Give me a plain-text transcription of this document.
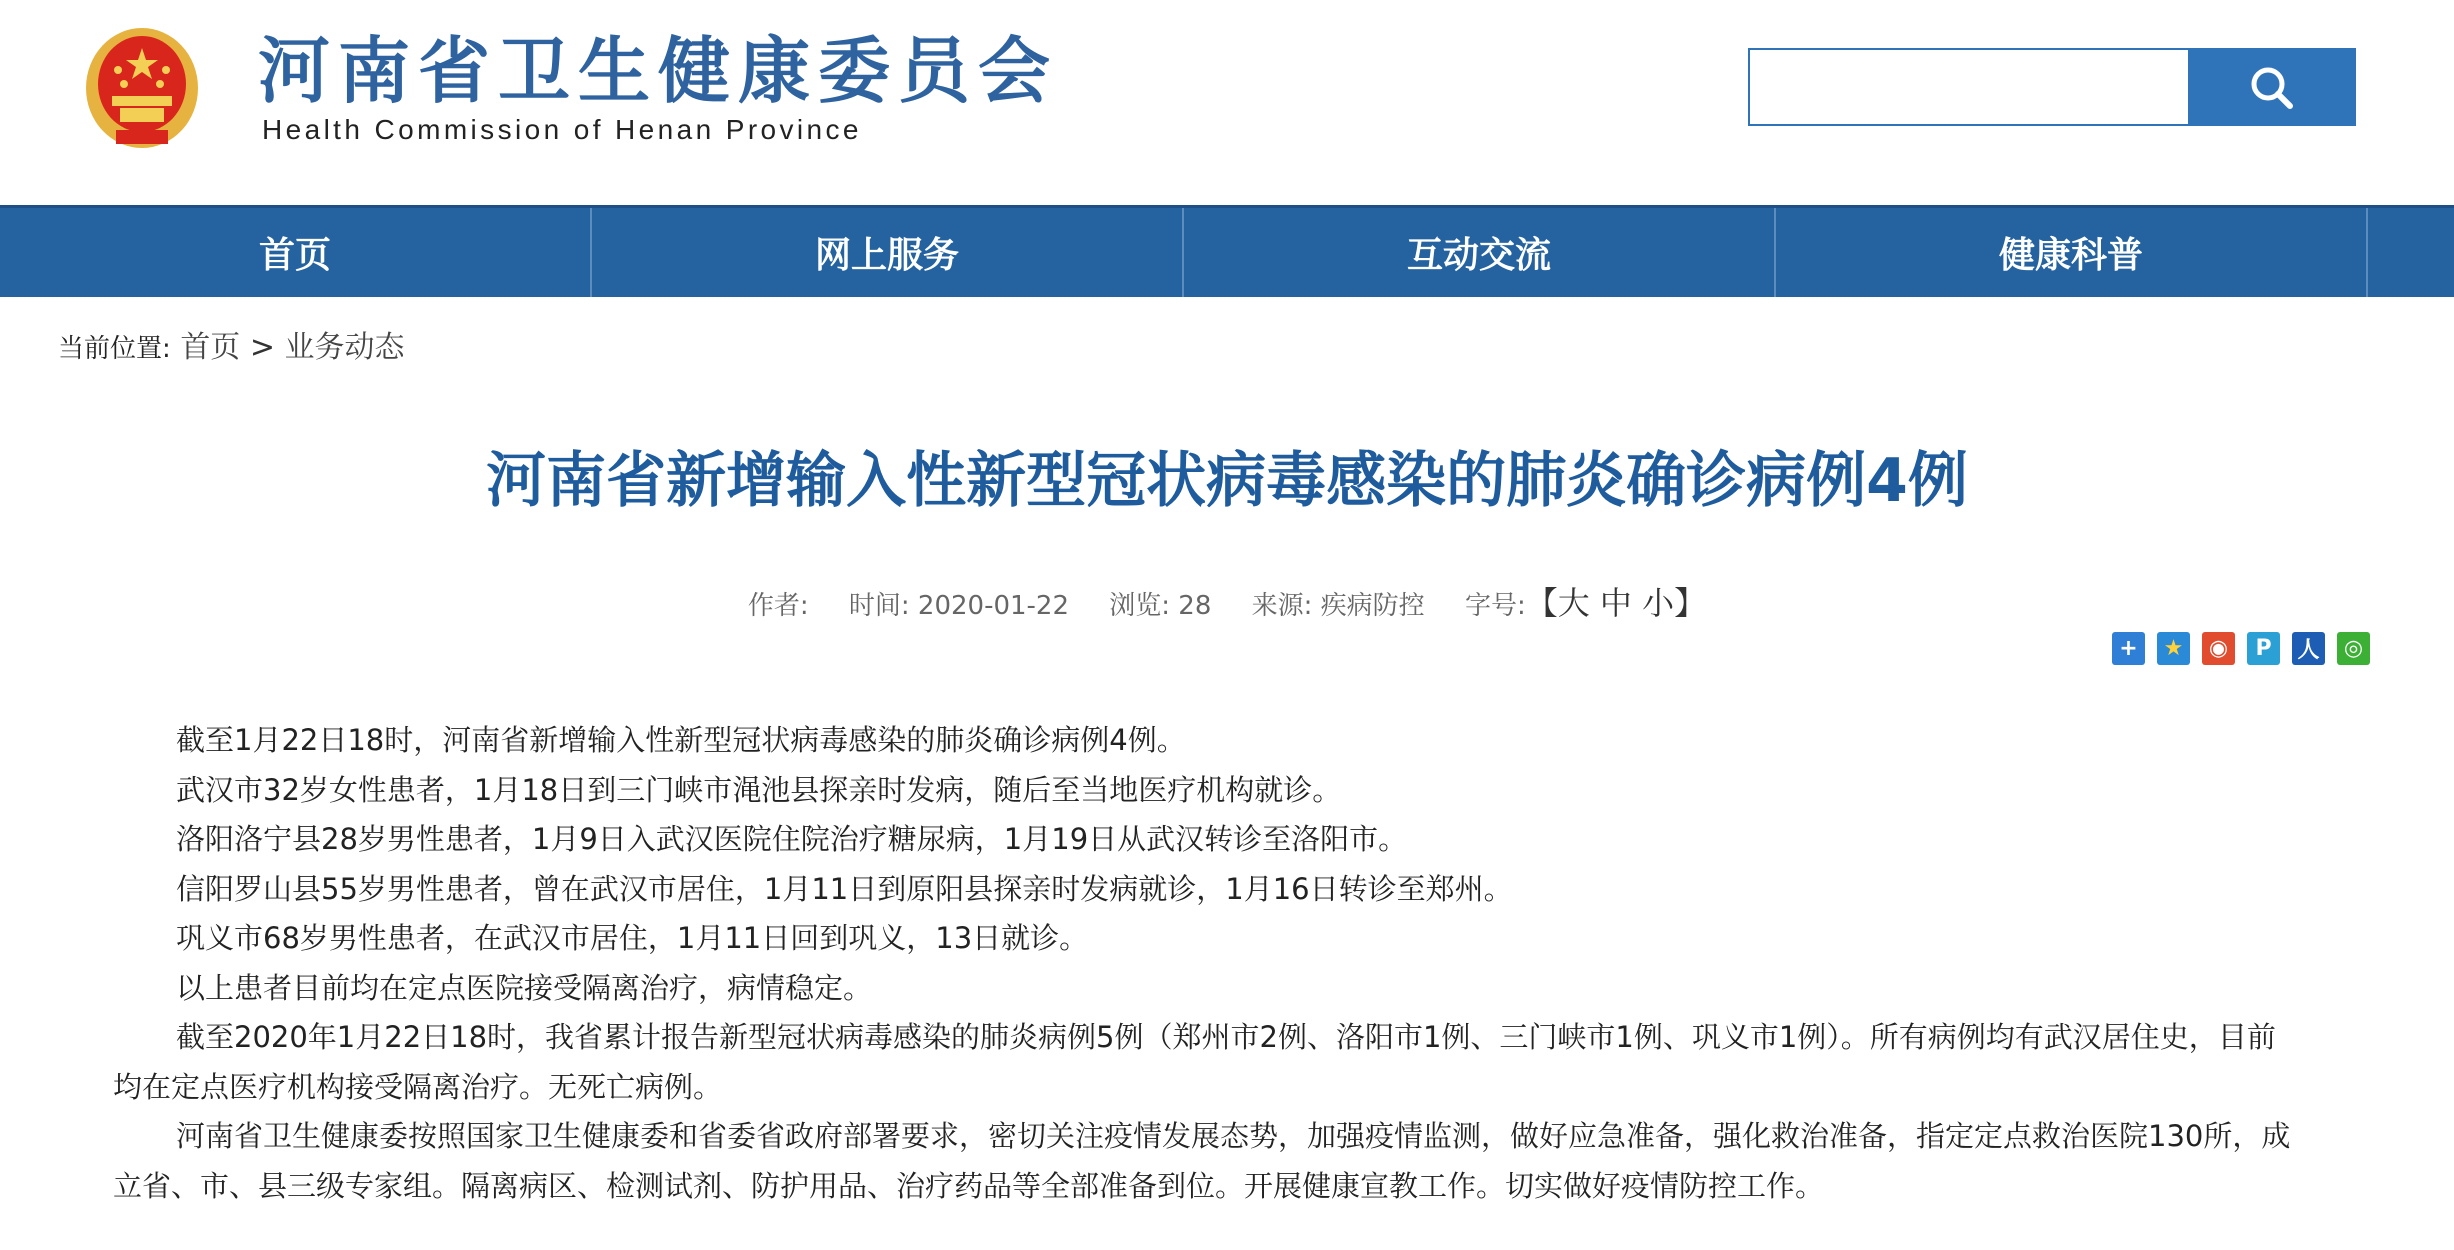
河南省卫生健康委员会
Health Commission of Henan Province
首页	网上服务	互动交流	健康科普
当前位置: 首页 > 业务动态
河南省新增输入性新型冠状病毒感染的肺炎确诊病例4例
作者: 时间: 2020-01-22 浏览: 28 来源: 疾病防控 字号:【大 中 小】
+	★	◉	P	人	◎

截至1月22日18时，河南省新增输入性新型冠状病毒感染的肺炎确诊病例4例。

武汉市32岁女性患者，1月18日到三门峡市渑池县探亲时发病，随后至当地医疗机构就诊。

洛阳洛宁县28岁男性患者，1月9日入武汉医院住院治疗糖尿病，1月19日从武汉转诊至洛阳市。

信阳罗山县55岁男性患者，曾在武汉市居住，1月11日到原阳县探亲时发病就诊，1月16日转诊至郑州。

巩义市68岁男性患者，在武汉市居住，1月11日回到巩义，13日就诊。

以上患者目前均在定点医院接受隔离治疗，病情稳定。

截至2020年1月22日18时，我省累计报告新型冠状病毒感染的肺炎病例5例（郑州市2例、洛阳市1例、三门峡市1例、巩义市1例）。所有病例均有武汉居住史，目前均在定点医疗机构接受隔离治疗。无死亡病例。

河南省卫生健康委按照国家卫生健康委和省委省政府部署要求，密切关注疫情发展态势，加强疫情监测，做好应急准备，强化救治准备，指定定点救治医院130所，成立省、市、县三级专家组。隔离病区、检测试剂、防护用品、治疗药品等全部准备到位。开展健康宣教工作。切实做好疫情防控工作。
